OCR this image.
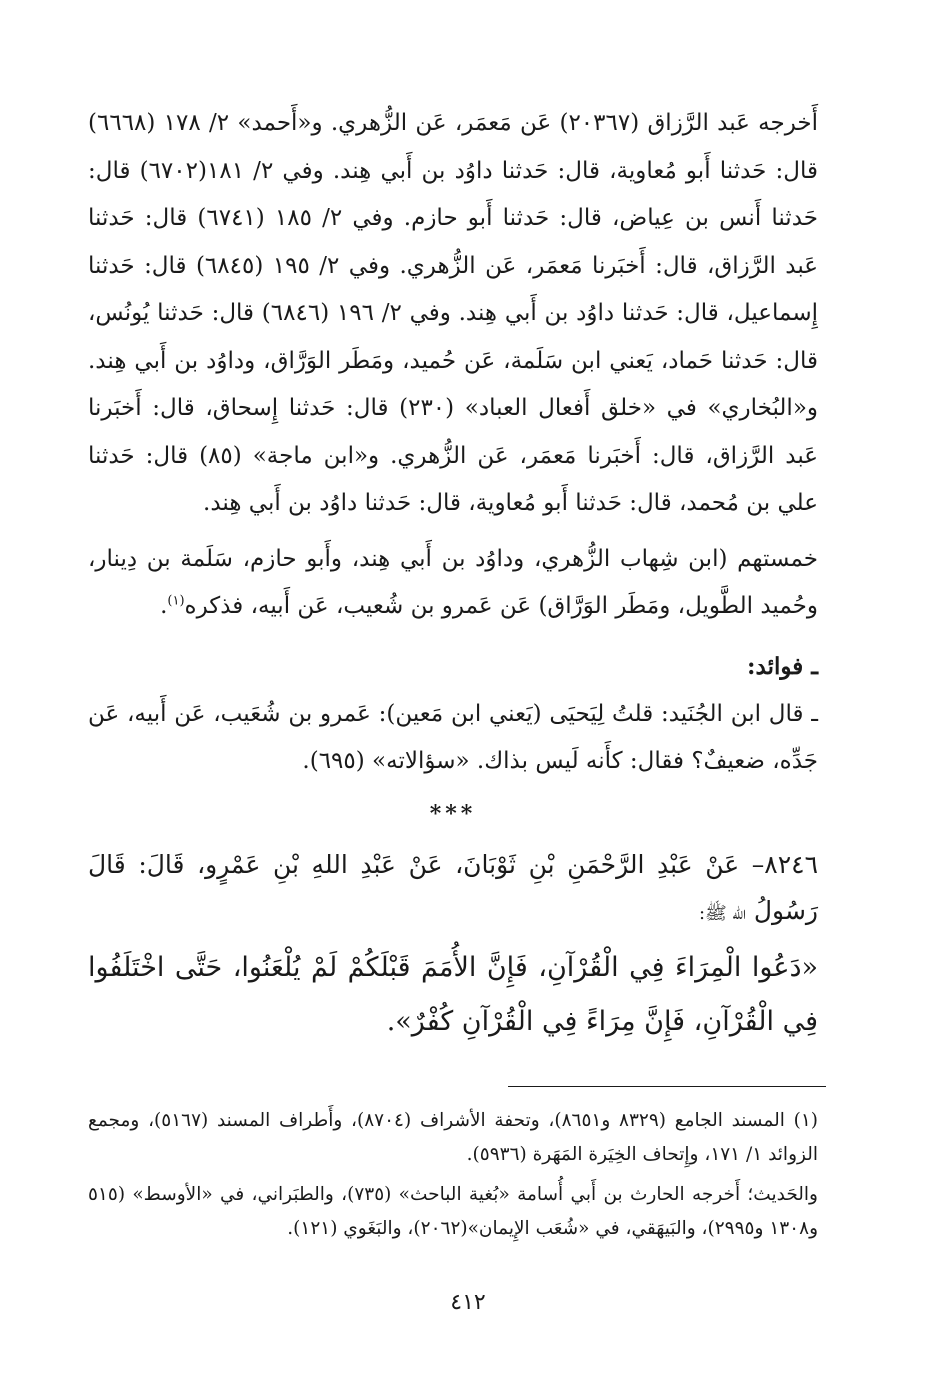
أَخرجه عَبد الرَّزاق (٢٠٣٦٧) عَن مَعمَر، عَن الزُّهري. و«أَحمد» ٢/ ١٧٨ (٦٦٦٨) قال: حَدثنا أَبو مُعاوية، قال: حَدثنا داوُد بن أَبي هِند. وفي ٢/ ١٨١(٦٧٠٢) قال: حَدثنا أَنس بن عِياض، قال: حَدثنا أَبو حازم. وفي ٢/ ١٨٥ (٦٧٤١) قال: حَدثنا عَبد الرَّزاق، قال: أَخبَرنا مَعمَر، عَن الزُّهري. وفي ٢/ ١٩٥ (٦٨٤٥) قال: حَدثنا إِسماعيل، قال: حَدثنا داوُد بن أَبي هِند. وفي ٢/ ١٩٦ (٦٨٤٦) قال: حَدثنا يُونُس، قال: حَدثنا حَماد، يَعني ابن سَلَمة، عَن حُميد، ومَطَر الوَرَّاق، وداوُد بن أَبي هِند. و«البُخاري» في «خلق أَفعال العباد» (٢٣٠) قال: حَدثنا إِسحاق، قال: أَخبَرنا عَبد الرَّزاق، قال: أَخبَرنا مَعمَر، عَن الزُّهري. و«ابن ماجة» (٨٥) قال: حَدثنا علي بن مُحمد، قال: حَدثنا أَبو مُعاوية، قال: حَدثنا داوُد بن أَبي هِند.

خمستهم (ابن شِهاب الزُّهري، وداوُد بن أَبي هِند، وأَبو حازم، سَلَمة بن دِينار، وحُميد الطَّويل، ومَطَر الوَرَّاق) عَن عَمرو بن شُعيب، عَن أَبيه، فذكره$^{(١)}$.

ـ فوائد:

ـ قال ابن الجُنَيد: قلتُ لِيَحيَى (يَعني ابن مَعين): عَمرو بن شُعَيب، عَن أَبيه، عَن جَدِّه، ضعيفٌ؟ فقال: كأَنه لَيس بذاك. «سؤالاته» (٦٩٥).

***

٨٢٤٦– عَنْ عَبْدِ الرَّحْمَنِ بْنِ ثَوْبَانَ، عَنْ عَبْدِ اللهِ بْنِ عَمْرٍو، قَالَ: قَالَ رَسُولُ الله ﷺ:

«دَعُوا الْمِرَاءَ فِي الْقُرْآنِ، فَإِنَّ الأُمَمَ قَبْلَكُمْ لَمْ يُلْعَنُوا، حَتَّى اخْتَلَفُوا فِي الْقُرْآنِ، فَإِنَّ مِرَاءً فِي الْقُرْآنِ كُفْرٌ».

(١) المسند الجامع (٨٣٢٩ و٨٦٥١)، وتحفة الأشراف (٨٧٠٤)، وأَطراف المسند (٥١٦٧)، ومجمع الزوائد ١/ ١٧١، وإِتحاف الخِيَرة المَهَرة (٥٩٣٦).

والحَديث؛ أَخرجه الحارث بن أَبي أُسامة «بُغية الباحث» (٧٣٥)، والطبَراني، في «الأوسط» (٥١٥ و١٣٠٨ و٢٩٩٥)، والبَيهَقي، في «شُعَب الإِيمان»(٢٠٦٢)، والبَغَوي (١٢١).

٤١٢
